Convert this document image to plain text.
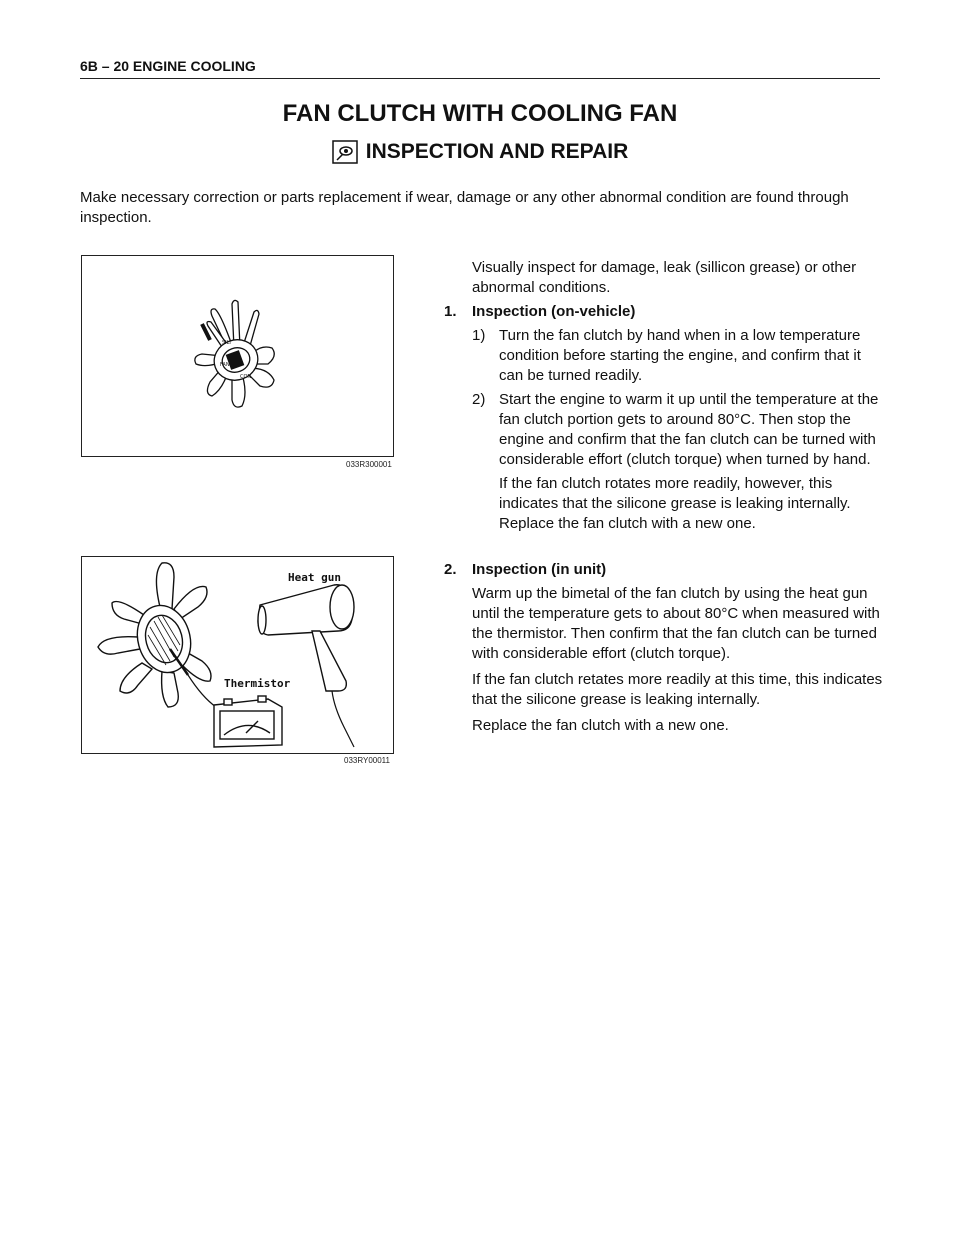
6B – 20 ENGINE COOLING
FAN CLUTCH WITH COOLING FAN
INSPECTION AND REPAIR
Make necessary correction or parts replacement if wear, damage or any other abnormal condition are found through inspection.
SILI
CON
FAN
033R300001
Heat gun
Thermistor
033RY00011

Visually inspect for damage, leak (sillicon grease) or other abnormal conditions.

1.	Inspection (on-vehicle)

1) Turn the fan clutch by hand when in a low temperature condition before starting the engine, and confirm that it can be turned readily.
2) Start the engine to warm it up until the temperature at the fan clutch portion gets to around 80°C. Then stop the engine and confirm that the fan clutch can be turned with considerable effort (clutch torque) when turned by hand.

If the fan clutch rotates more readily, however, this indicates that the silicone grease is leaking internally. Replace the fan clutch with a new one.

2.	Inspection (in unit)

Warm up the bimetal of the fan clutch by using the heat gun until the temperature gets to about 80°C when measured with the thermistor. Then confirm that the fan clutch can be turned with considerable effort (clutch torque).

If the fan clutch retates more readily at this time, this indicates that the silicone grease is leaking internally.

Replace the fan clutch with a new one.
